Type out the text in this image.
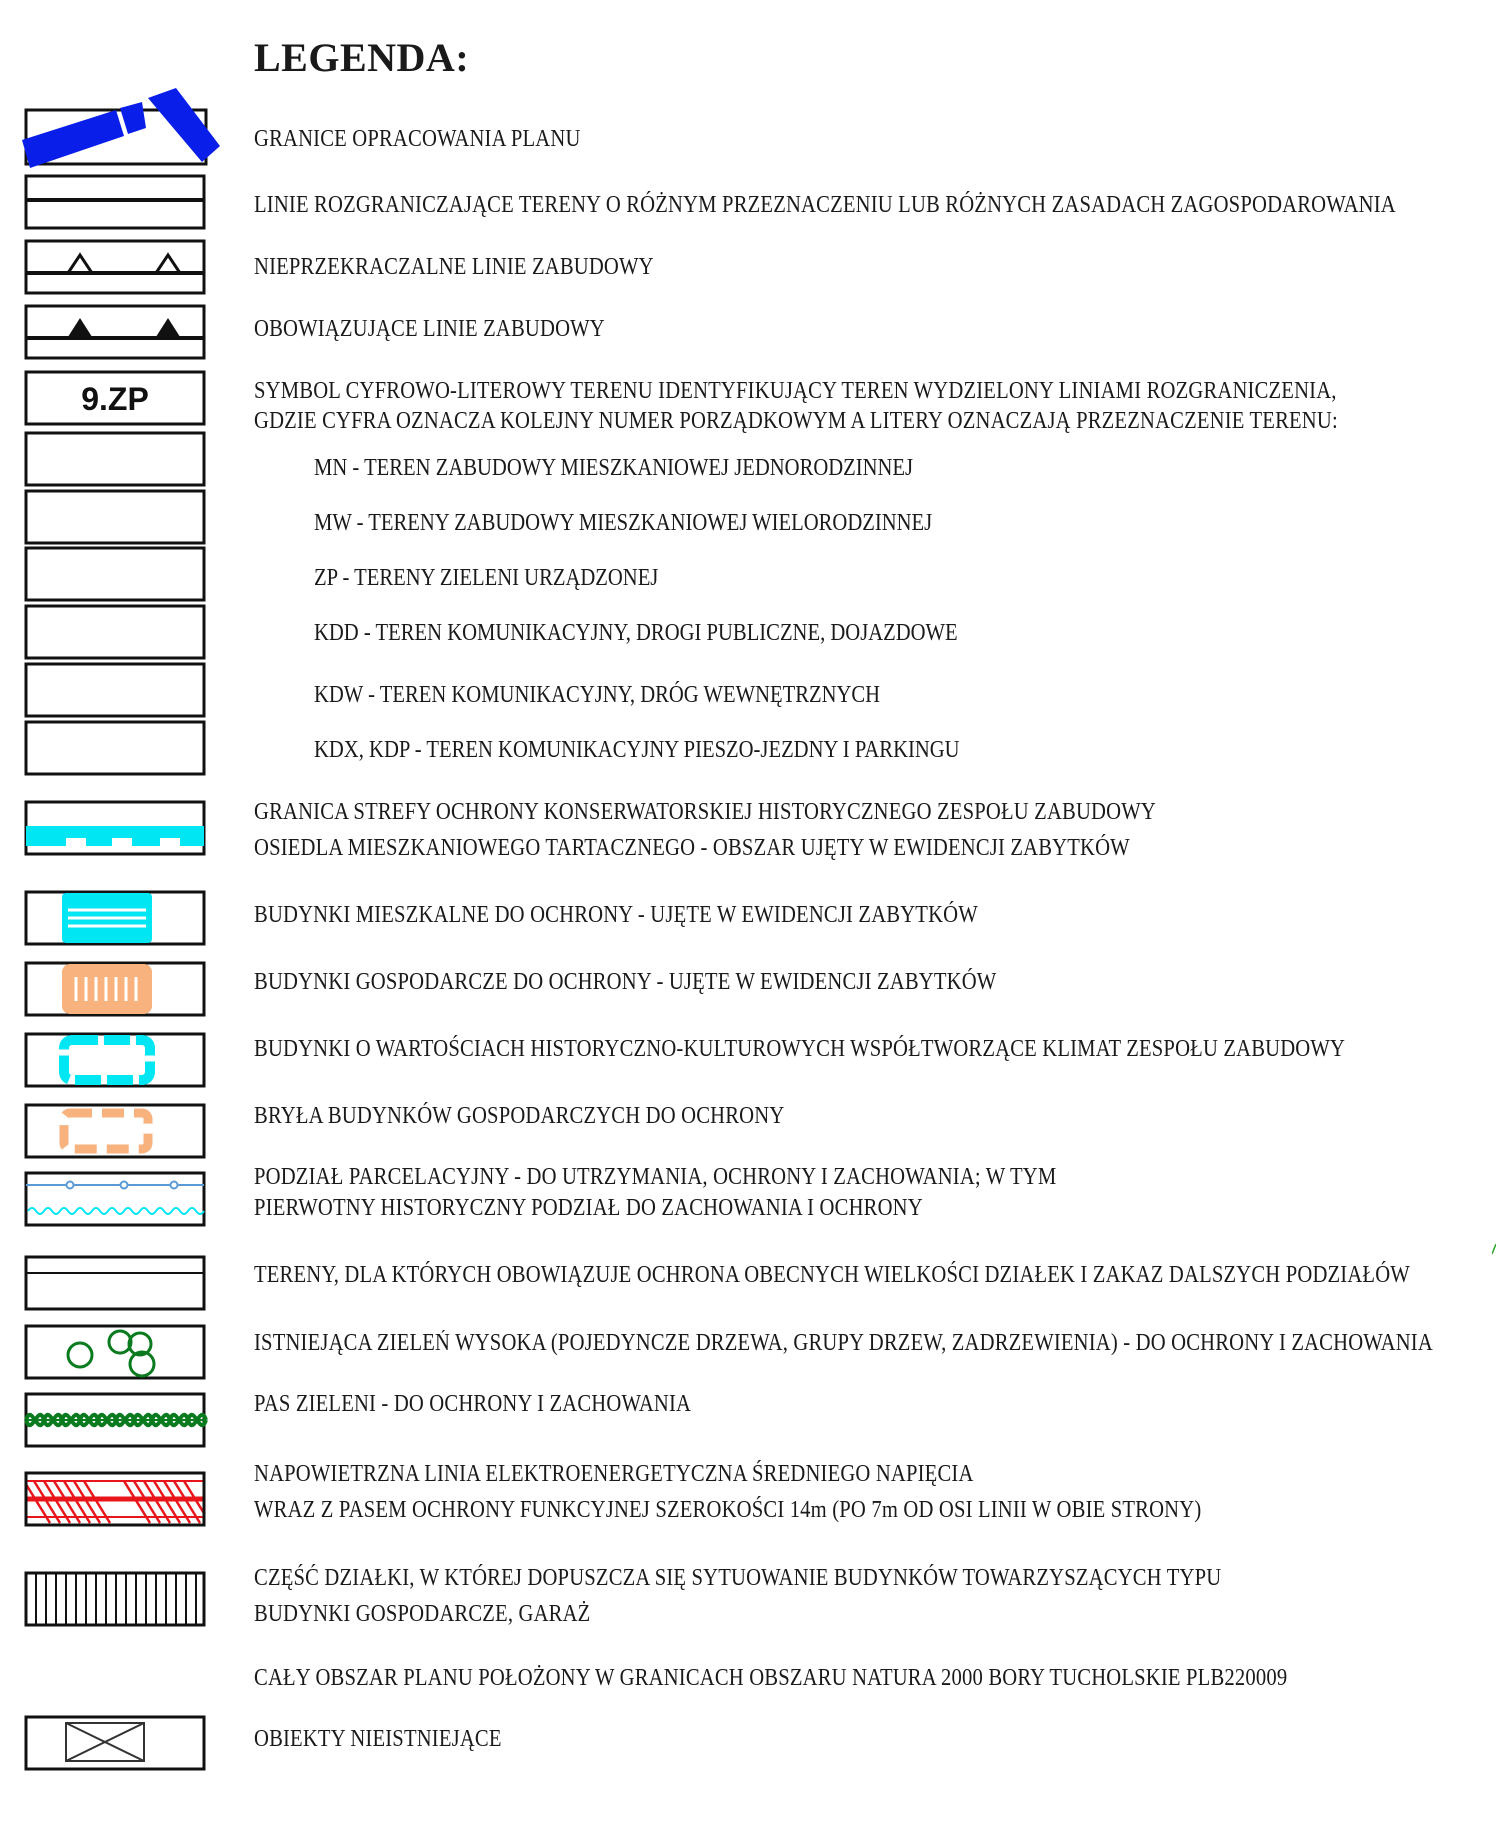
LEGENDA:
GRANICE OPRACOWANIA PLANU
LINIE ROZGRANICZAJĄCE TERENY O RÓŻNYM PRZEZNACZENIU LUB RÓŻNYCH ZASADACH ZAGOSPODAROWANIA
NIEPRZEKRACZALNE LINIE ZABUDOWY
OBOWIĄZUJĄCE LINIE ZABUDOWY
9.ZP	SYMBOL CYFROWO-LITEROWY TERENU IDENTYFIKUJĄCY TEREN WYDZIELONY LINIAMI ROZGRANICZENIA,
GDZIE CYFRA OZNACZA KOLEJNY NUMER PORZĄDKOWYM A LITERY OZNACZAJĄ PRZEZNACZENIE TERENU:
MN - TEREN ZABUDOWY MIESZKANIOWEJ JEDNORODZINNEJ
MW - TERENY ZABUDOWY MIESZKANIOWEJ WIELORODZINNEJ
ZP - TERENY ZIELENI URZĄDZONEJ
KDD - TEREN KOMUNIKACYJNY, DROGI PUBLICZNE, DOJAZDOWE
KDW - TEREN KOMUNIKACYJNY, DRÓG WEWNĘTRZNYCH
KDX, KDP - TEREN KOMUNIKACYJNY PIESZO-JEZDNY I PARKINGU
GRANICA STREFY OCHRONY KONSERWATORSKIEJ HISTORYCZNEGO ZESPOŁU ZABUDOWY
OSIEDLA MIESZKANIOWEGO TARTACZNEGO - OBSZAR UJĘTY W EWIDENCJI ZABYTKÓW
BUDYNKI MIESZKALNE DO OCHRONY - UJĘTE W EWIDENCJI ZABYTKÓW
BUDYNKI GOSPODARCZE DO OCHRONY - UJĘTE W EWIDENCJI ZABYTKÓW
BUDYNKI O WARTOŚCIACH HISTORYCZNO-KULTUROWYCH WSPÓŁTWORZĄCE KLIMAT ZESPOŁU ZABUDOWY
BRYŁA BUDYNKÓW GOSPODARCZYCH DO OCHRONY
PODZIAŁ PARCELACYJNY - DO UTRZYMANIA, OCHRONY I ZACHOWANIA; W TYM
PIERWOTNY HISTORYCZNY PODZIAŁ DO ZACHOWANIA I OCHRONY
TERENY, DLA KTÓRYCH OBOWIĄZUJE OCHRONA OBECNYCH WIELKOŚCI DZIAŁEK I ZAKAZ DALSZYCH PODZIAŁÓW
ISTNIEJĄCA ZIELEŃ WYSOKA (POJEDYNCZE DRZEWA, GRUPY DRZEW, ZADRZEWIENIA) - DO OCHRONY I ZACHOWANIA
PAS ZIELENI - DO OCHRONY I ZACHOWANIA
NAPOWIETRZNA LINIA ELEKTROENERGETYCZNA ŚREDNIEGO NAPIĘCIA
WRAZ Z PASEM OCHRONY FUNKCYJNEJ SZEROKOŚCI 14m (PO 7m OD OSI LINII W OBIE STRONY)
CZĘŚĆ DZIAŁKI, W KTÓREJ DOPUSZCZA SIĘ SYTUOWANIE BUDYNKÓW TOWARZYSZĄCYCH TYPU
BUDYNKI GOSPODARCZE, GARAŻ
CAŁY OBSZAR PLANU POŁOŻONY W GRANICACH OBSZARU NATURA 2000 BORY TUCHOLSKIE PLB220009
OBIEKTY NIEISTNIEJĄCE
